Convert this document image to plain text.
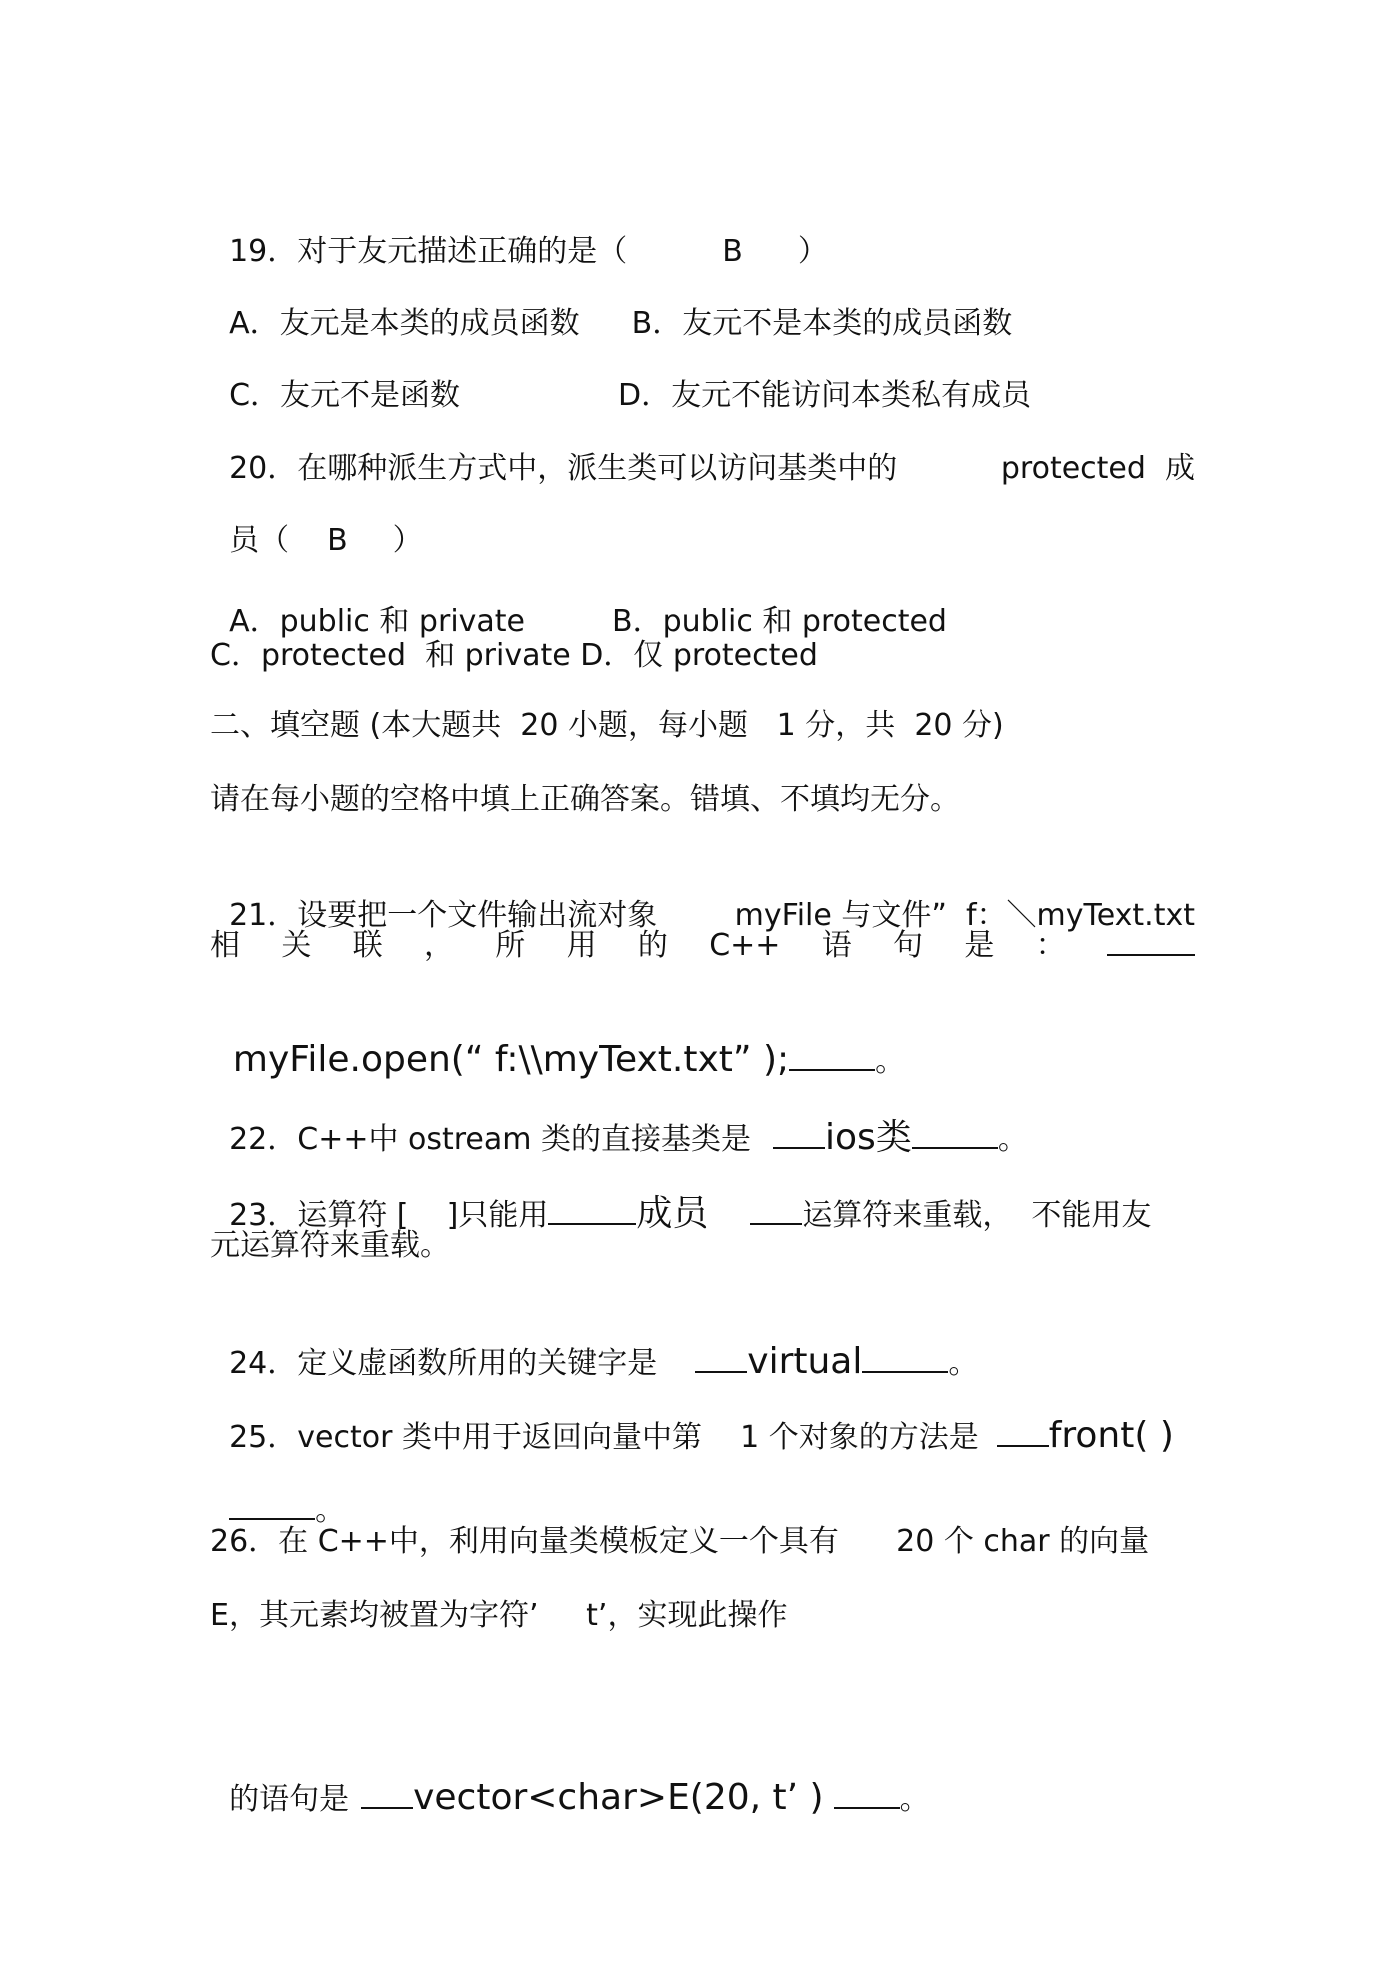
19．对于友元描述正确的是（	B ）

A．友元是本类的成员函数 B．友元不是本类的成员函数

C．友元不是函数	D．友元不能访问本类私有成员

20．在哪种派生方式中，派生类可以访问基类中的	protected  成

员（ B ）

A．public 和 private	B．public 和 protected

C．protected  和 private D．仅 protected
二、填空题 (本大题共  20 小题，每小题   1 分，共  20 分)
请在每小题的空格中填上正确答案。错填、不填均无分。

21．设要把一个文件输出流对象	myFile 与文件”  f：＼myText.txt

相 关 联 ， 所 用 的 C++ 语 句 是 ：

myFile.open(“ f:\\myText.txt” );	。

22．C++中 ostream 类的直接基类是 ios类	。

23．运算符 [    ]只能用 成员	运算符来重载，  不能用友

元运算符来重载。

24．定义虚函数所用的关键字是	virtual	。

25．vector 类中用于返回向量中第    1 个对象的方法是 front( )

。

26．在 C++中，利用向量类模板定义一个具有      20 个 char 的向量
E，其元素均被置为字符’     t’，实现此操作

的语句是 vector<char>E(20, t’ )	。
